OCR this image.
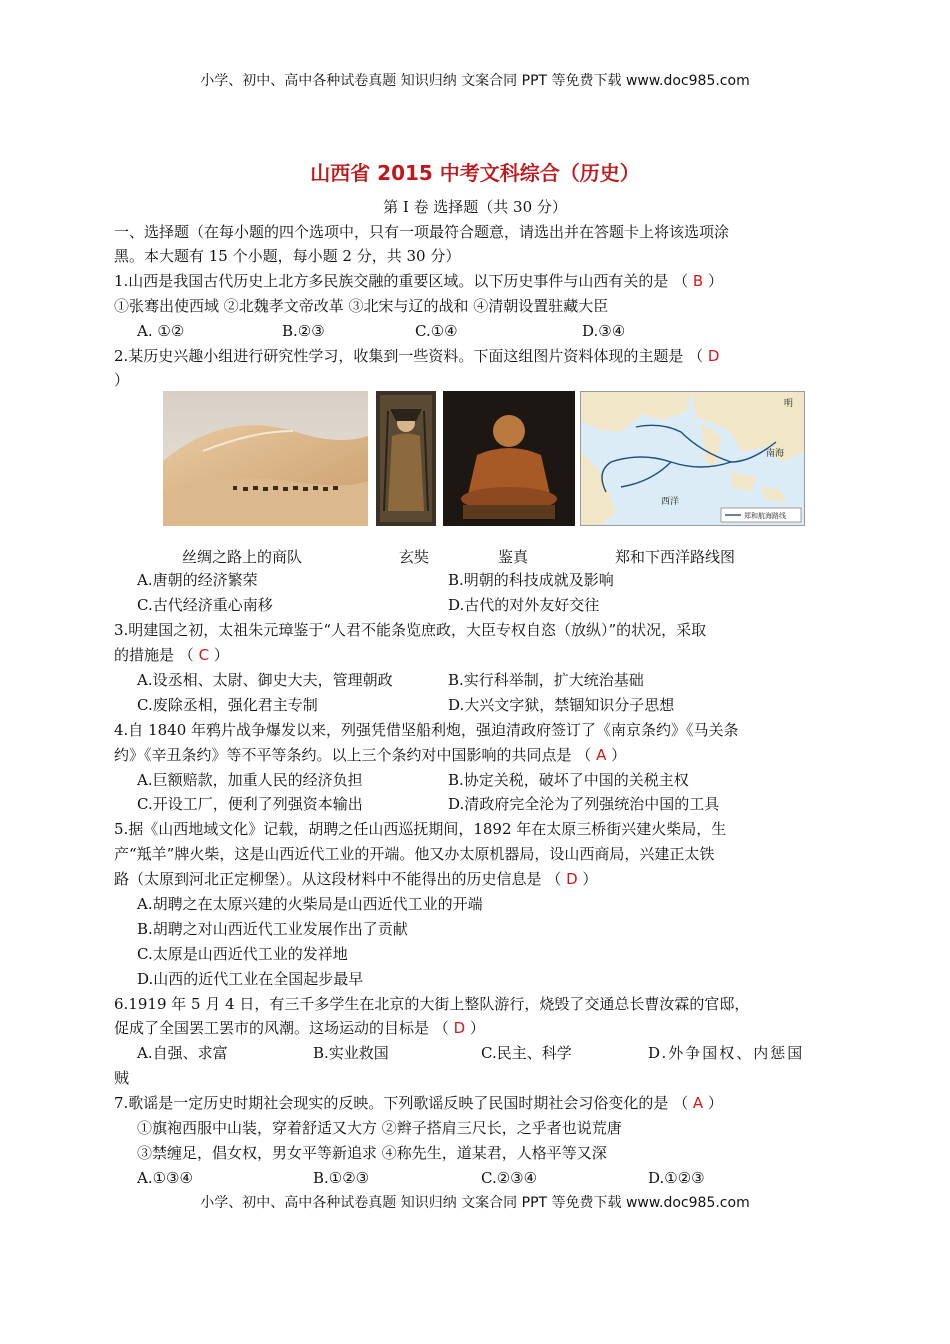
小学、初中、高中各种试卷真题 知识归纳 文案合同 PPT 等免费下载 www.doc985.com
山西省 2015 中考文科综合（历史）
第 I 卷 选择题（共 30 分）
一、选择题（在每小题的四个选项中，只有一项最符合题意，请选出并在答题卡上将该选项涂
黑。本大题有 15 个小题，每小题 2 分，共 30 分）
1.山西是我国古代历史上北方多民族交融的重要区域。以下历史事件与山西有关的是 （ B ）
①张骞出使西域 ②北魏孝文帝改革 ③北宋与辽的战和 ④清朝设置驻藏大臣
A. ①②	B.②③	C.①④	D.③④
2.某历史兴趣小组进行研究性学习，收集到一些资料。下面这组图片资料体现的主题是 （ D
）
明
南海
西洋
郑和航海路线
丝绸之路上的商队	玄奘	鉴真	郑和下西洋路线图
A.唐朝的经济繁荣	B.明朝的科技成就及影响
C.古代经济重心南移	D.古代的对外友好交往
3.明建国之初，太祖朱元璋鉴于“人君不能条览庶政，大臣专权自恣（放纵）”的状况，采取
的措施是 （ C ）
A.设丞相、太尉、御史大夫，管理朝政	B.实行科举制，扩大统治基础
C.废除丞相，强化君主专制	D.大兴文字狱，禁锢知识分子思想
4.自 1840 年鸦片战争爆发以来，列强凭借坚船利炮，强迫清政府签订了《南京条约》《马关条
约》《辛丑条约》等不平等条约。以上三个条约对中国影响的共同点是 （ A ）
A.巨额赔款，加重人民的经济负担	B.协定关税，破坏了中国的关税主权
C.开设工厂，便利了列强资本输出	D.清政府完全沦为了列强统治中国的工具
5.据《山西地域文化》记载，胡聘之任山西巡抚期间，1892 年在太原三桥街兴建火柴局，生
产“羝羊”牌火柴，这是山西近代工业的开端。他又办太原机器局，设山西商局，兴建正太铁
路（太原到河北正定柳堡）。从这段材料中不能得出的历史信息是 （ D ）
A.胡聘之在太原兴建的火柴局是山西近代工业的开端
B.胡聘之对山西近代工业发展作出了贡献
C.太原是山西近代工业的发祥地
D.山西的近代工业在全国起步最早
6.1919 年 5 月 4 日，有三千多学生在北京的大街上整队游行，烧毁了交通总长曹汝霖的官邸，
促成了全国罢工罢市的风潮。这场运动的目标是 （ D ）
A.自强、求富	B.实业救国	C.民主、科学	D.外争国权、内惩国
贼
7.歌谣是一定历史时期社会现实的反映。下列歌谣反映了民国时期社会习俗变化的是 （ A ）
①旗袍西服中山装，穿着舒适又大方 ②辫子搭肩三尺长，之乎者也说荒唐
③禁缠足，倡女权，男女平等新追求 ④称先生，道某君，人格平等又深
A.①③④	B.①②③	C.②③④	D.①②③
小学、初中、高中各种试卷真题 知识归纳 文案合同 PPT 等免费下载 www.doc985.com
